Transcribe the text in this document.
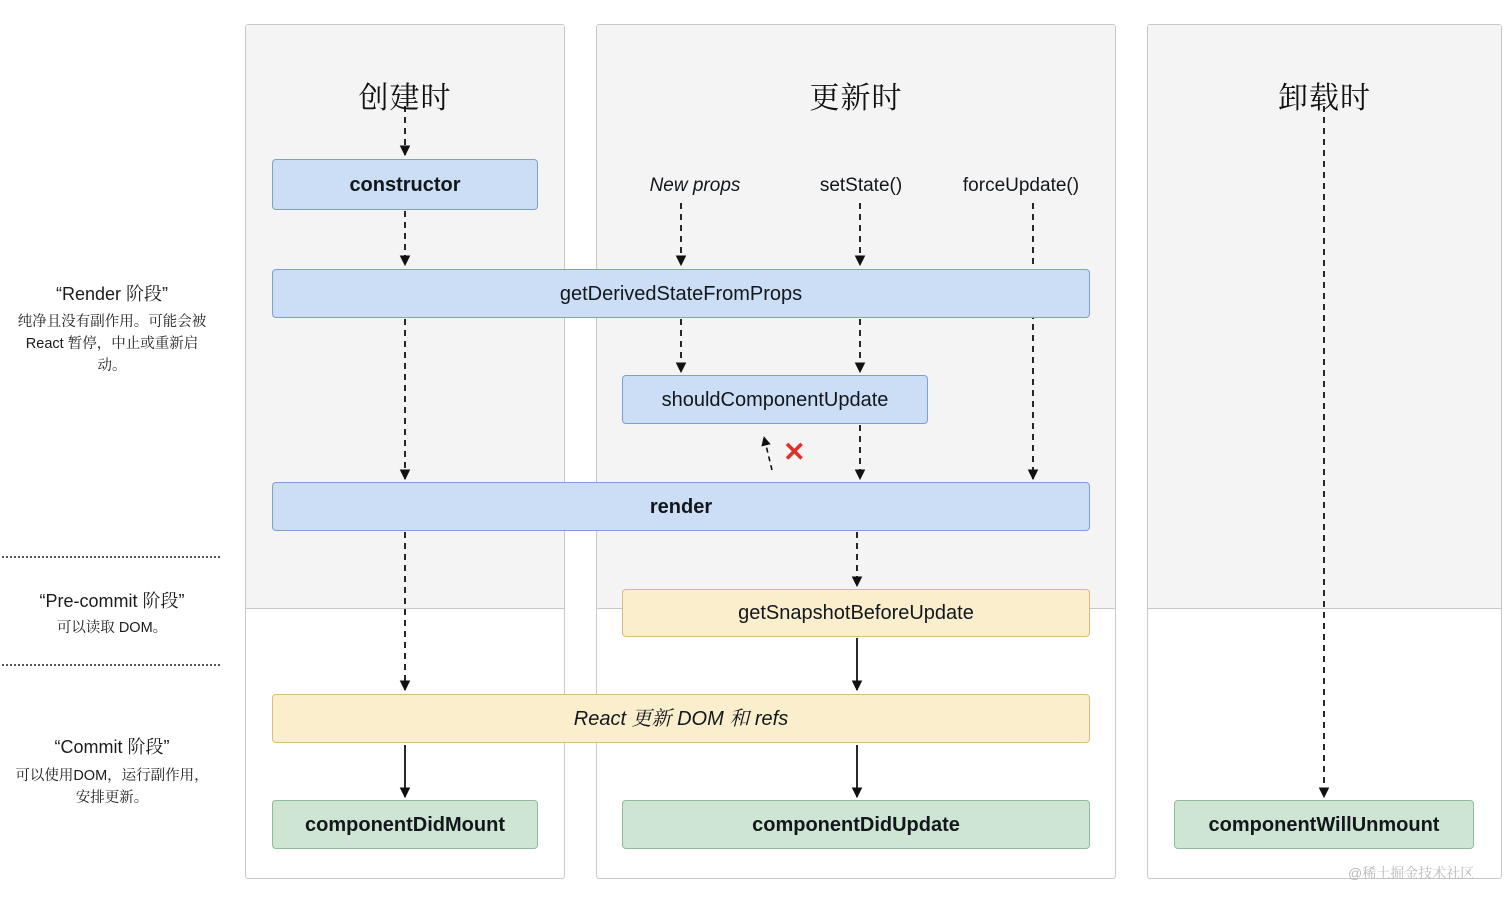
创建时	更新时	卸载时
“Render 阶段”
纯净且没有副作用。可能会被 React 暂停，中止或重新启动。
“Pre-commit 阶段”
可以读取 DOM。
“Commit 阶段”
可以使用DOM，运行副作用，安排更新。
New props	setState()	forceUpdate()
✕
constructor
getDerivedStateFromProps
shouldComponentUpdate
render
getSnapshotBeforeUpdate
React 更新 DOM 和 refs
componentDidMount	componentDidUpdate	componentWillUnmount
@稀土掘金技术社区
